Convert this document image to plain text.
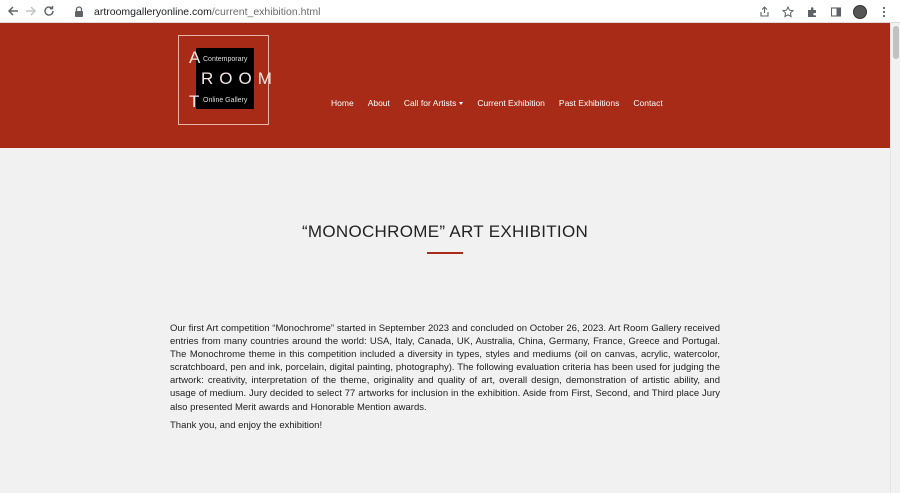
artroomgalleryonline.com/current_exhibition.html
A Contemporary
ROOM
T Online Gallery	Home About Call for Artists	Current Exhibition Past Exhibitions Contact
“MONOCHROME” ART EXHIBITION

Our first Art competition “Monochrome” started in September 2023 and concluded on October 26, 2023. Art Room Gallery received entries from many countries around the world: USA, Italy, Canada, UK, Australia, China, Germany, France, Greece and Portugal. The Monochrome theme in this competition included a diversity in types, styles and mediums (oil on canvas, acrylic, watercolor, scratchboard, pen and ink, porcelain, digital painting, photography). The following evaluation criteria has been used for judging the artwork: creativity, interpretation of the theme, originality and quality of art, overall design, demonstration of artistic ability, and usage of medium. Jury decided to select 77 artworks for inclusion in the exhibition. Aside from First, Second, and Third place Jury also presented Merit awards and Honorable Mention awards.

Thank you, and enjoy the exhibition!
